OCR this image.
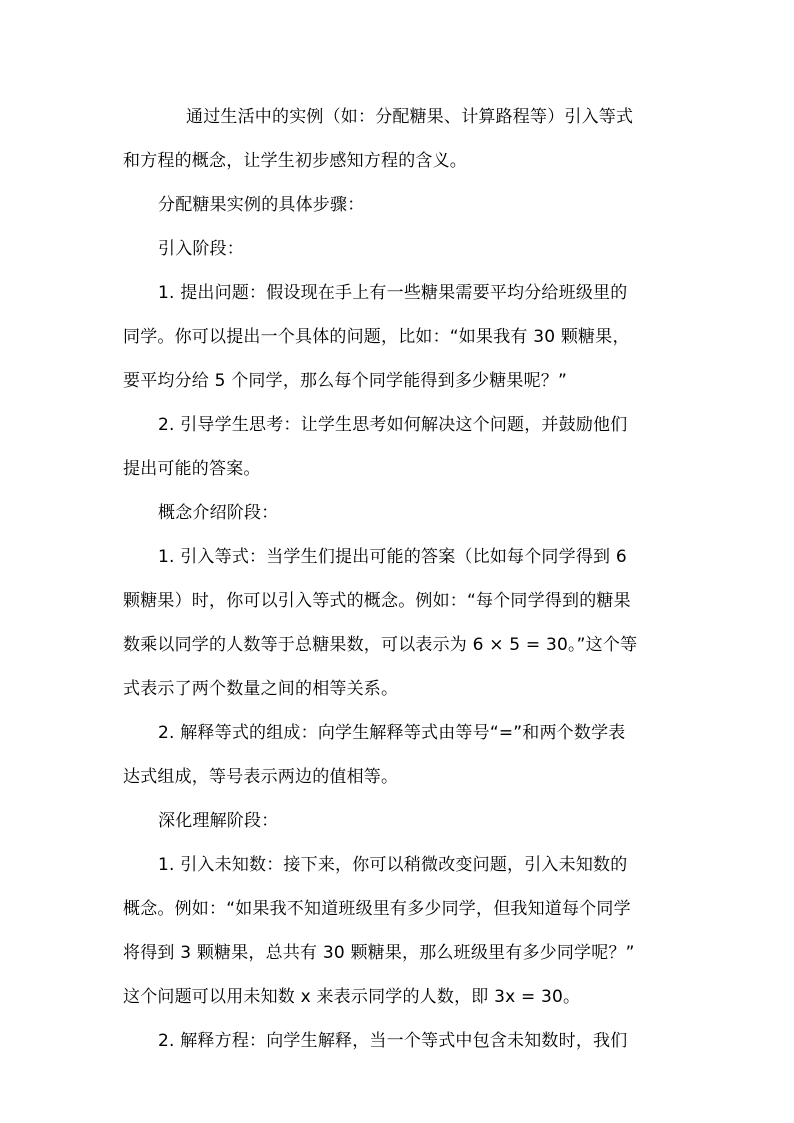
通过生活中的实例（如：分配糖果、计算路程等）引入等式
和方程的概念，让学生初步感知方程的含义。
分配糖果实例的具体步骤：
引入阶段：
1. 提出问题：假设现在手上有一些糖果需要平均分给班级里的
同学。你可以提出一个具体的问题，比如：“如果我有 30 颗糖果，
要平均分给 5 个同学，那么每个同学能得到多少糖果呢？”
2. 引导学生思考：让学生思考如何解决这个问题，并鼓励他们
提出可能的答案。
概念介绍阶段：
1. 引入等式：当学生们提出可能的答案（比如每个同学得到 6
颗糖果）时，你可以引入等式的概念。例如：“每个同学得到的糖果
数乘以同学的人数等于总糖果数，可以表示为 6 × 5 = 30。”这个等
式表示了两个数量之间的相等关系。
2. 解释等式的组成：向学生解释等式由等号“=”和两个数学表
达式组成，等号表示两边的值相等。
深化理解阶段：
1. 引入未知数：接下来，你可以稍微改变问题，引入未知数的
概念。例如：“如果我不知道班级里有多少同学，但我知道每个同学
将得到 3 颗糖果，总共有 30 颗糖果，那么班级里有多少同学呢？”
这个问题可以用未知数 x 来表示同学的人数，即 3x = 30。
2. 解释方程：向学生解释，当一个等式中包含未知数时，我们
